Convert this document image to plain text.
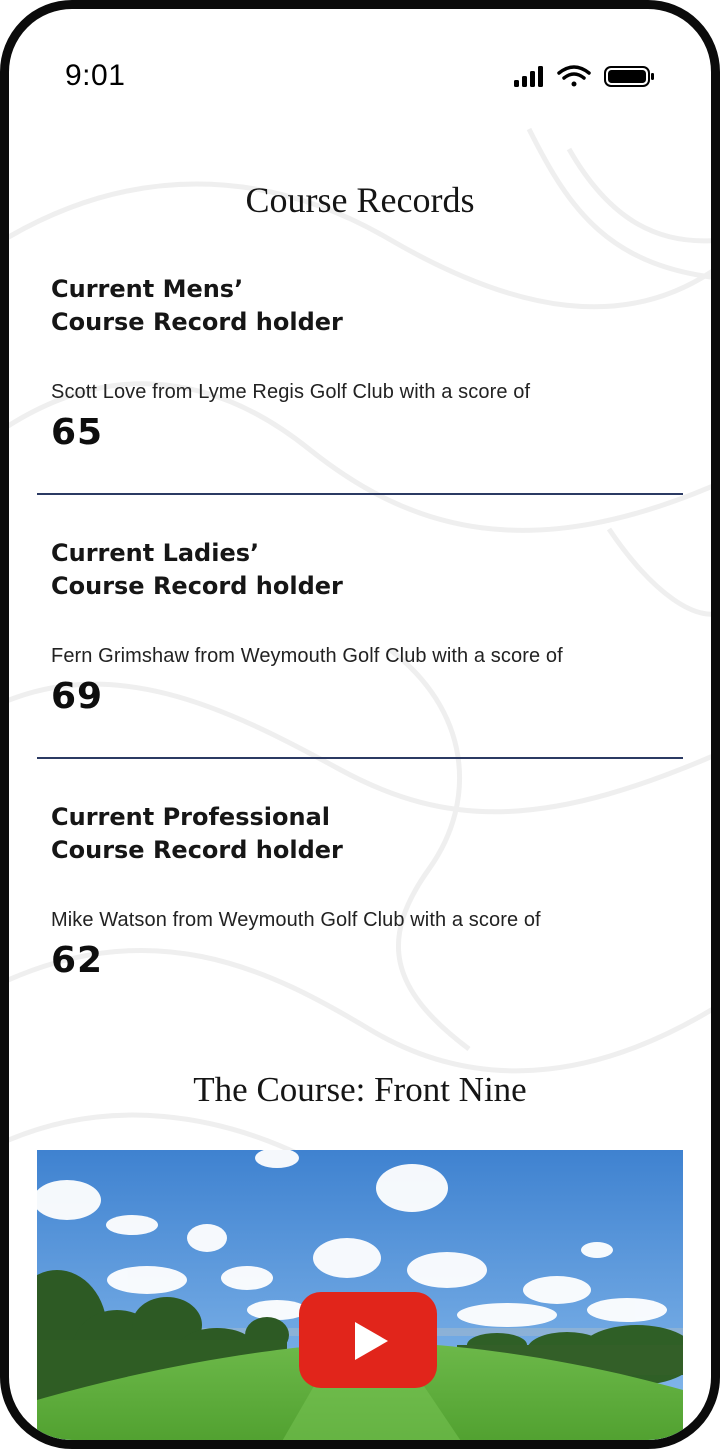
9:01
Course Records
Current Mens’
Course Record holder
Scott Love from Lyme Regis Golf Club with a score of
65
Current Ladies’
Course Record holder
Fern Grimshaw from Weymouth Golf Club with a score of
69
Current Professional
Course Record holder
Mike Watson from Weymouth Golf Club with a score of
62
The Course: Front Nine
